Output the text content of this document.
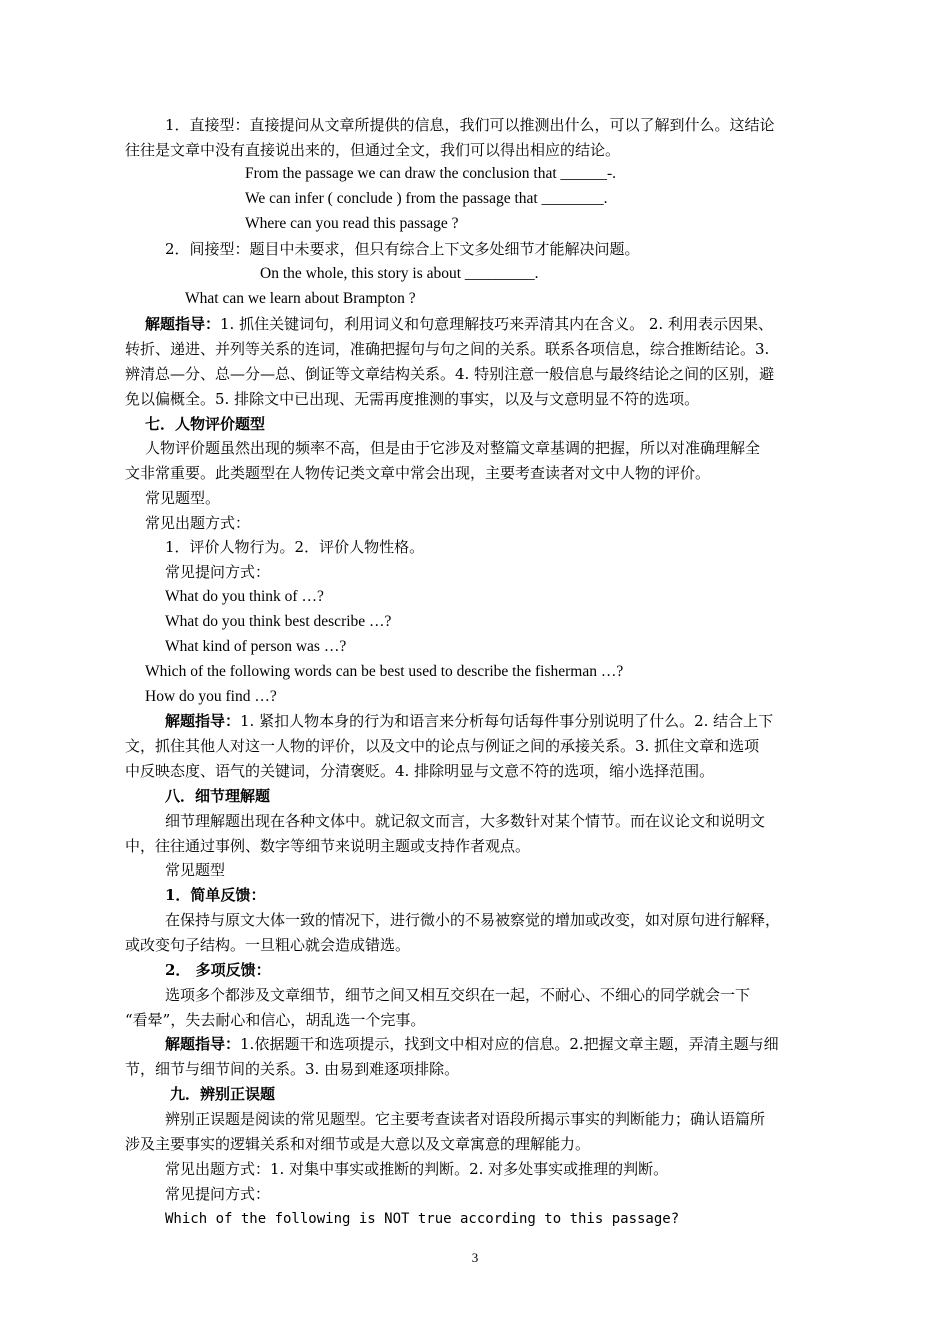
1．直接型：直接提问从文章所提供的信息，我们可以推测出什么，可以了解到什么。这结论
往往是文章中没有直接说出来的，但通过全文，我们可以得出相应的结论。
From the passage we can draw the conclusion that ______-.
We can infer ( conclude ) from the passage that ________.
Where can you read this passage ?
2．间接型：题目中未要求，但只有综合上下文多处细节才能解决问题。
On the whole, this story is about _________.
What can we learn about Brampton ?
解题指导：1. 抓住关键词句，利用词义和句意理解技巧来弄清其内在含义。 2. 利用表示因果、
转折、递进、并列等关系的连词，准确把握句与句之间的关系。联系各项信息，综合推断结论。3.
辨清总—分、总—分—总、倒证等文章结构关系。4. 特别注意一般信息与最终结论之间的区别，避
免以偏概全。5. 排除文中已出现、无需再度推测的事实，以及与文意明显不符的选项。
七．人物评价题型
人物评价题虽然出现的频率不高，但是由于它涉及对整篇文章基调的把握，所以对准确理解全
文非常重要。此类题型在人物传记类文章中常会出现，主要考查读者对文中人物的评价。
常见题型。
常见出题方式：
1．评价人物行为。2．评价人物性格。
常见提问方式：
What do you think of …?
What do you think best describe …?
What kind of person was …?
Which of the following words can be best used to describe the fisherman …?
How do you find …?
解题指导：1. 紧扣人物本身的行为和语言来分析每句话每件事分别说明了什么。2. 结合上下
文，抓住其他人对这一人物的评价，以及文中的论点与例证之间的承接关系。3. 抓住文章和选项
中反映态度、语气的关键词，分清褒贬。4. 排除明显与文意不符的选项，缩小选择范围。
八．细节理解题
细节理解题出现在各种文体中。就记叙文而言，大多数针对某个情节。而在议论文和说明文
中，往往通过事例、数字等细节来说明主题或支持作者观点。
常见题型
1．简单反馈：
在保持与原文大体一致的情况下，进行微小的不易被察觉的增加或改变，如对原句进行解释，
或改变句子结构。一旦粗心就会造成错选。
2． 多项反馈：
选项多个都涉及文章细节，细节之间又相互交织在一起，不耐心、不细心的同学就会一下
“看晕”，失去耐心和信心，胡乱选一个完事。
解题指导：1.依据题干和选项提示，找到文中相对应的信息。2.把握文章主题，弄清主题与细
节，细节与细节间的关系。3. 由易到难逐项排除。
九．辨别正误题
辨别正误题是阅读的常见题型。它主要考查读者对语段所揭示事实的判断能力；确认语篇所
涉及主要事实的逻辑关系和对细节或是大意以及文章寓意的理解能力。
常见出题方式：1. 对集中事实或推断的判断。2. 对多处事实或推理的判断。
常见提问方式：
Which of the following is NOT true according to this passage?
3
